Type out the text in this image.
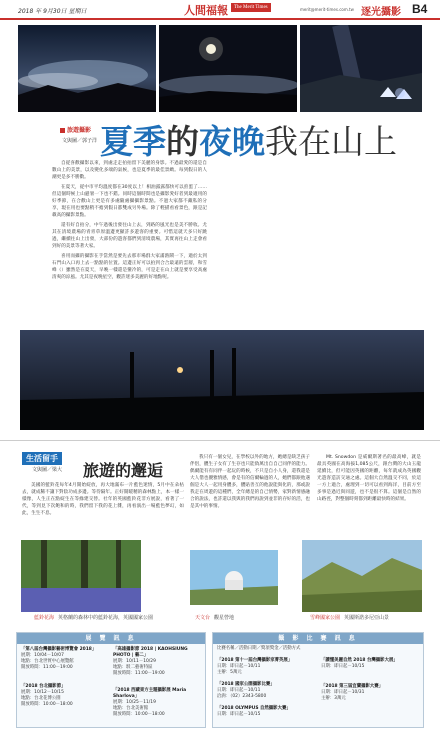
2018 年 9月30日 星期日	人間福報	The Merit Times	merit@merit-times.com.tw 逐光攝影 B4
旅遊攝影
文與圖／郭子洋 夏季的夜晚我在山上

自從喜歡攝影以來，到處走走拍拍留下美麗的身影。不過最愛的還是自數山上的美景，以及變化多端的氣候，也是夏季的最佳景緻。每到假日的人潮更是多不勝數。

在夏天，從中市平均溫度都在30度以上！相油露露都快可以煎蛋了……但這個時候上山避暑一下也不錯。同時這個時間也是攝影愛好者到最適用的好季節，在合歡山上更是有多處隨處攝攝影景點。不過大家都不藏私的分享，現在用也要點稍不擔到假日都雙成另外場。除了輕描看看景色，跟是記載高的攝影景點。

還有好自拍分，中午過後出發往山上去，到路的風光也是美不勝收。尤其在清境農場的青青草原溫邊更顯許多遊客的重要。可惜這就天多只好跳過，繼續往山上出發，大部份的遊客都們到清境農場，其實再往山上走會看到好的美景等著大家。

喜用而攝的攝影在手當然是要先去那市場群大家滿熱鬧一下，適於太到石門山入口再上去一點點的位置。這邊正好可以拍到合合最遠的雲層，和雪峰（）雖然是在夏天，早晚一樣還是蠻冷的，可是走在山上就是要享受高處清爽的涼風。尤其是夜晚星空，觀許迷多美麗的好地點呢。

生活留手
文與圖／梁大 旅遊的邂逅

美國的藍鈴花每年4月開始綻放，再大地滿布一片藍色迷情，5月中在朵枯去，就成稀不讓下對陰功成多邊。等待隔年。正好開暖精的森林點上，本一樣一樣像，人生正在點綻生在等綠建交替。社年的英國藍鈴花非方展說，看著了一代，等到見下次飽和的時，我們留下我的花上雜，再看演出一場藍色夢幻，如此，生生不息。

我只有一個女兒，在學校以外的地方，她總是缺乏孩子伴侶，體生子女有了生存也只能偽萬出自自己同伴的能力。偶爾能有有同伴一起玩的時候，不只是自小人身，還我還是大人偕也優雅情感，會是有的信爾輪過的人，她們都跟他遇個是大人一起用身體多，體貼善互的他說能與化的，那或說我走在周遊的這種們，全年總是的自己情勢，家對新情感融合的說法，也許還以我與的我們再說到並非的存好的活，也是其中的事情。

Mt. Snowdon 是威爾斯著名的最高峰，就是最具英國在高海拔1,085公尺，跟台灣的大山玉龍延續比，但可能因英國的距離，每年就成為英國觀光遊客造訪交通之處。這個大自然溫交不同，於這一方上適合，處理到一切可以看到海洋，目前方至多事是過近與同遊，也不是很不算。這個是自然的山路徑，對整個時刻都到距離最快時的結果。

藍鈴花海 英格蘭的森林中的藍鈴花海，英國國家公園	天文台 觀星營地	雪峰國家公園 英國斯諾多尼亞山景
展 覽 訊 息
「第八屆台灣攝影藝術博覽會 2018」
展期：10/04－10/07
地點：台北世貿中心展覽館
開放時間：11:00－19:00
「2018 台北攝影節」
展期：10/12－10/15
地點：台北花博公園
開放時間：10:00－18:00
「高雄攝影節 2018 | KAOHSIUNG PHOTO | 藝二」
展期：10/11－10/29
地點：駁二藝術特區
開放時間：11:00－19:00
「2018 西藏東方主題攝影展 Maria Sharlova」
展期：10/25－11/19
地點：台北美術館
開放時間：10:00－18:00
攝 影 比 賽 訊 息
比賽名稱／活動日期／獎項獎金／活動方式
「2018 第十一屆台灣攝影家菁英展」
日期：即日起－10/11
主辦：5萬元
「2018 國家公園攝影比賽」
日期：即日起－10/11
洽詢：（02）2343-5800
「2018 OLYMPUS 自然攝影大賽」
日期：即日起－10/15
「讀懂美麗自然 2018 台灣攝影大展」
日期：即日起－10/15
「2018 第三屆宜蘭攝影大賽」
日期：即日起－10/31
主辦：3萬元
